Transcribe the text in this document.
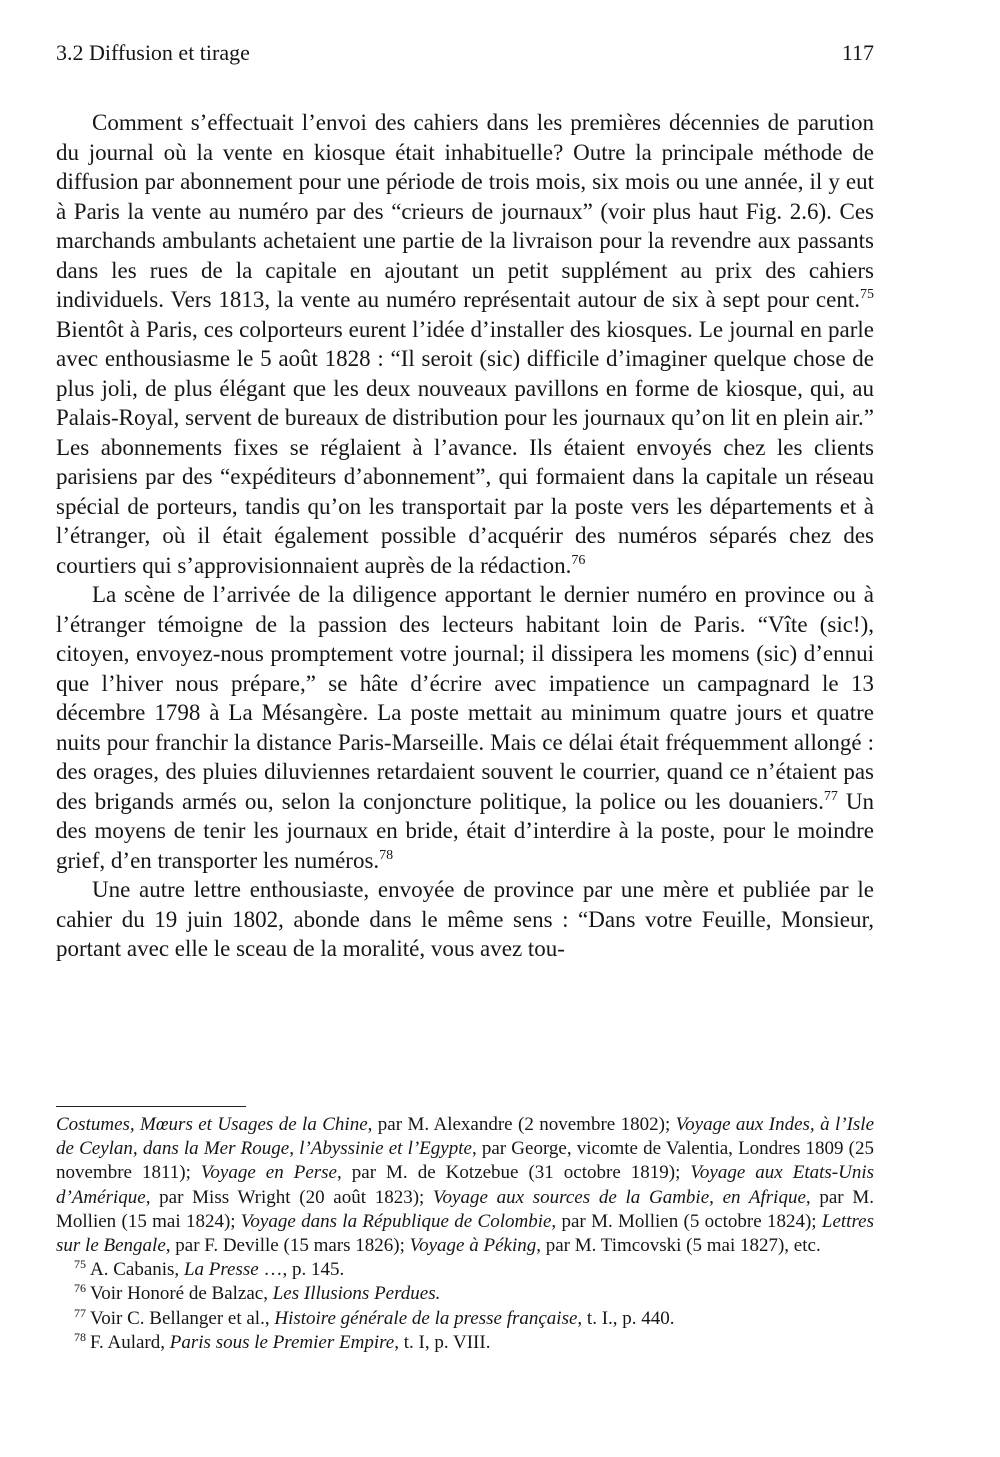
3.2 Diffusion et tirage	117

Comment s’effectuait l’envoi des cahiers dans les premières décennies de parution du journal où la vente en kiosque était inhabituelle? Outre la principale méthode de diffusion par abonnement pour une période de trois mois, six mois ou une année, il y eut à Paris la vente au numéro par des “crieurs de journaux” (voir plus haut Fig. 2.6). Ces marchands ambulants achetaient une partie de la livraison pour la revendre aux passants dans les rues de la capitale en ajoutant un petit supplément au prix des cahiers individuels. Vers 1813, la vente au numéro représentait autour de six à sept pour cent.$^{75}$ Bientôt à Paris, ces colporteurs eurent l’idée d’installer des kiosques. Le journal en parle avec enthousiasme le 5 août 1828 : “Il seroit (sic) difficile d’imaginer quelque chose de plus joli, de plus élégant que les deux nouveaux pavillons en forme de kiosque, qui, au Palais-Royal, servent de bureaux de distribution pour les journaux qu’on lit en plein air.” Les abonnements fixes se réglaient à l’avance. Ils étaient envoyés chez les clients parisiens par des “expéditeurs d’abonnement”, qui formaient dans la capitale un réseau spécial de porteurs, tandis qu’on les transportait par la poste vers les départements et à l’étranger, où il était également possible d’acquérir des numéros séparés chez des courtiers qui s’approvisionnaient auprès de la rédaction.$^{76}$

La scène de l’arrivée de la diligence apportant le dernier numéro en province ou à l’étranger témoigne de la passion des lecteurs habitant loin de Paris. “Vîte (sic!), citoyen, envoyez-nous promptement votre journal; il dissipera les momens (sic) d’ennui que l’hiver nous prépare,” se hâte d’écrire avec impatience un campagnard le 13 décembre 1798 à La Mésangère. La poste mettait au minimum quatre jours et quatre nuits pour franchir la distance Paris-Marseille. Mais ce délai était fréquemment allongé : des orages, des pluies diluviennes retardaient souvent le courrier, quand ce n’étaient pas des brigands armés ou, selon la conjoncture politique, la police ou les douaniers.$^{77}$ Un des moyens de tenir les journaux en bride, était d’interdire à la poste, pour le moindre grief, d’en transporter les numéros.$^{78}$

Une autre lettre enthousiaste, envoyée de province par une mère et publiée par le cahier du 19 juin 1802, abonde dans le même sens : “Dans votre Feuille, Monsieur, portant avec elle le sceau de la moralité, vous avez tou-

Costumes, Mœurs et Usages de la Chine, par M. Alexandre (2 novembre 1802); Voyage aux Indes, à l’Isle de Ceylan, dans la Mer Rouge, l’Abyssinie et l’Egypte, par George, vicomte de Valentia, Londres 1809 (25 novembre 1811); Voyage en Perse, par M. de Kotzebue (31 octobre 1819); Voyage aux Etats-Unis d’Amérique, par Miss Wright (20 août 1823); Voyage aux sources de la Gambie, en Afrique, par M. Mollien (15 mai 1824); Voyage dans la République de Colombie, par M. Mollien (5 octobre 1824); Lettres sur le Bengale, par F. Deville (15 mars 1826); Voyage à Péking, par M. Timcovski (5 mai 1827), etc.

$^{75}$ A. Cabanis, La Presse …, p. 145.

$^{76}$ Voir Honoré de Balzac, Les Illusions Perdues.

$^{77}$ Voir C. Bellanger et al., Histoire générale de la presse française, t. I., p. 440.

$^{78}$ F. Aulard, Paris sous le Premier Empire, t. I, p. VIII.
